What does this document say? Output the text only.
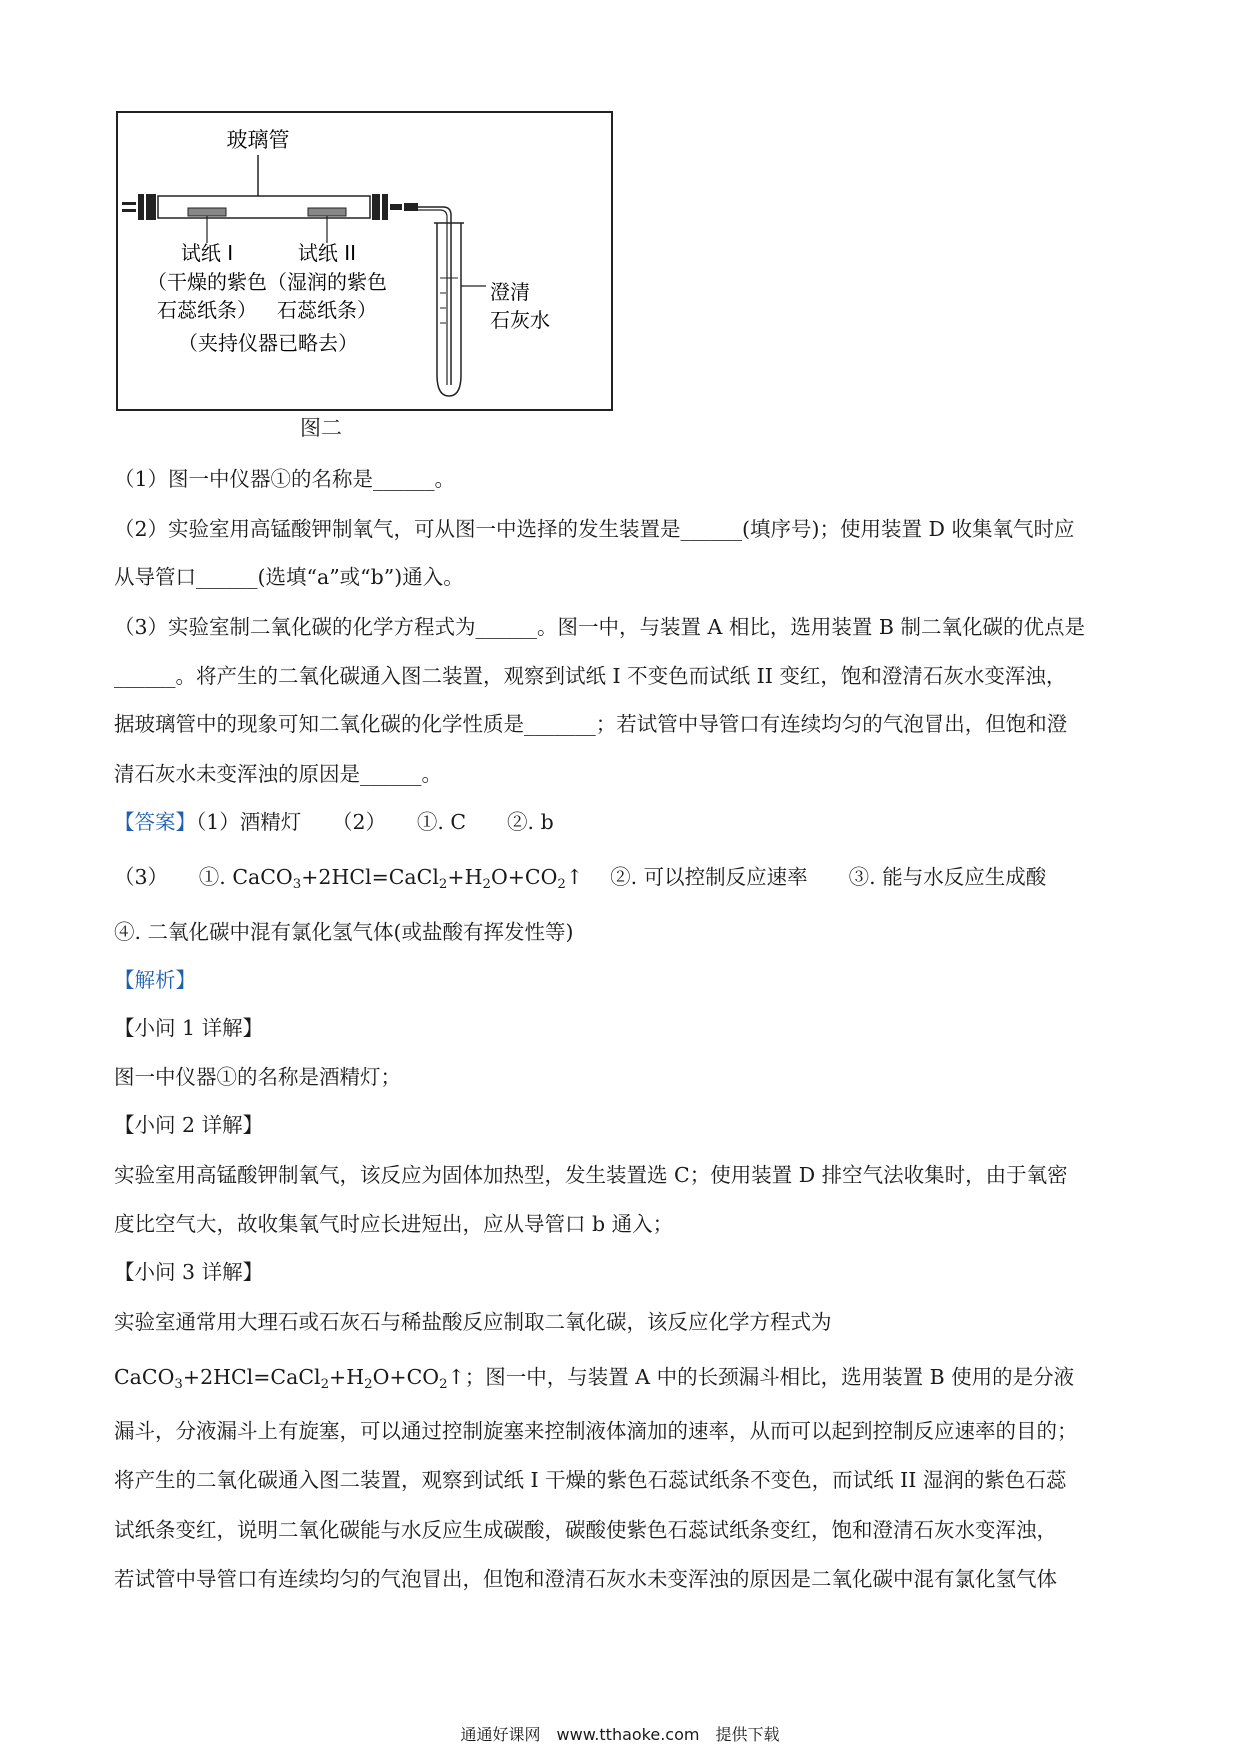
玻璃管
试纸 I
（干燥的紫色
石蕊纸条）
试纸 II
（湿润的紫色
石蕊纸条）
（夹持仪器已略去）
澄清
石灰水
图二
（1）图一中仪器①的名称是______。
（2）实验室用高锰酸钾制氧气，可从图一中选择的发生装置是______(填序号)；使用装置 D 收集氧气时应
从导管口______(选填“a”或“b”)通入。
（3）实验室制二氧化碳的化学方程式为______。图一中，与装置 A 相比，选用装置 B 制二氧化碳的优点是
______。将产生的二氧化碳通入图二装置，观察到试纸 I 不变色而试纸 II 变红，饱和澄清石灰水变浑浊，
据玻璃管中的现象可知二氧化碳的化学性质是_______；若试管中导管口有连续均匀的气泡冒出，但饱和澄
清石灰水未变浑浊的原因是______。
【答案】（1）酒精灯　　（2）　　①. C　　②. b
（3）　　①. $CaCO_3+2HCl=CaCl_2+H_2O+CO_2↑$ 　②. 可以控制反应速率　　③. 能与水反应生成酸
④. 二氧化碳中混有氯化氢气体(或盐酸有挥发性等)
【解析】
【小问 1 详解】
图一中仪器①的名称是酒精灯；
【小问 2 详解】
实验室用高锰酸钾制氧气，该反应为固体加热型，发生装置选 C；使用装置 D 排空气法收集时，由于氧密
度比空气大，故收集氧气时应长进短出，应从导管口 b 通入；
【小问 3 详解】
实验室通常用大理石或石灰石与稀盐酸反应制取二氧化碳，该反应化学方程式为
$CaCO_3+2HCl=CaCl_2+H_2O+CO_2↑$；图一中，与装置 A 中的长颈漏斗相比，选用装置 B 使用的是分液
漏斗，分液漏斗上有旋塞，可以通过控制旋塞来控制液体滴加的速率，从而可以起到控制反应速率的目的；
将产生的二氧化碳通入图二装置，观察到试纸 I 干燥的紫色石蕊试纸条不变色，而试纸 II 湿润的紫色石蕊
试纸条变红，说明二氧化碳能与水反应生成碳酸，碳酸使紫色石蕊试纸条变红，饱和澄清石灰水变浑浊，
若试管中导管口有连续均匀的气泡冒出，但饱和澄清石灰水未变浑浊的原因是二氧化碳中混有氯化氢气体
通通好课网　www.tthaoke.com　提供下载
